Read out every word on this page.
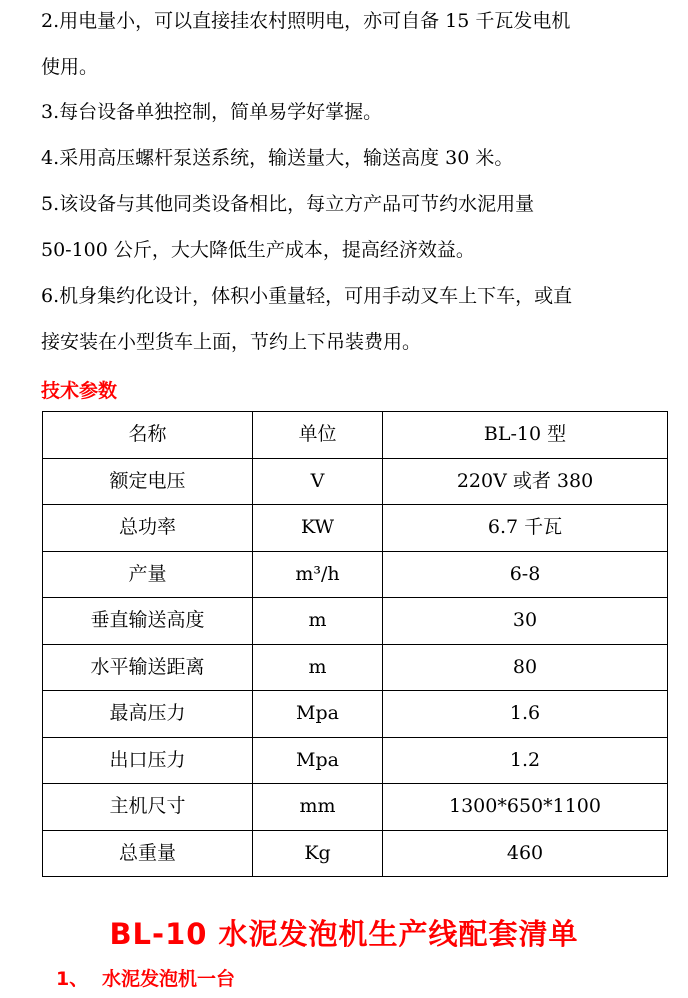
2.用电量小，可以直接挂农村照明电，亦可自备 15 千瓦发电机
使用。
3.每台设备单独控制，简单易学好掌握。
4.采用高压螺杆泵送系统，输送量大，输送高度 30 米。
5.该设备与其他同类设备相比，每立方产品可节约水泥用量
50-100 公斤，大大降低生产成本，提高经济效益。
6.机身集约化设计，体积小重量轻，可用手动叉车上下车，或直
接安装在小型货车上面，节约上下吊装费用。
技术参数
名称	单位	BL-10 型
额定电压	V	220V 或者 380
总功率	KW	6.7 千瓦
产量	m³/h	6-8
垂直输送高度	m	30
水平输送距离	m	80
最高压力	Mpa	1.6
出口压力	Mpa	1.2
主机尺寸	mm	1300*650*1100
总重量	Kg	460
BL-10 水泥发泡机生产线配套清单
1、 水泥发泡机一台
